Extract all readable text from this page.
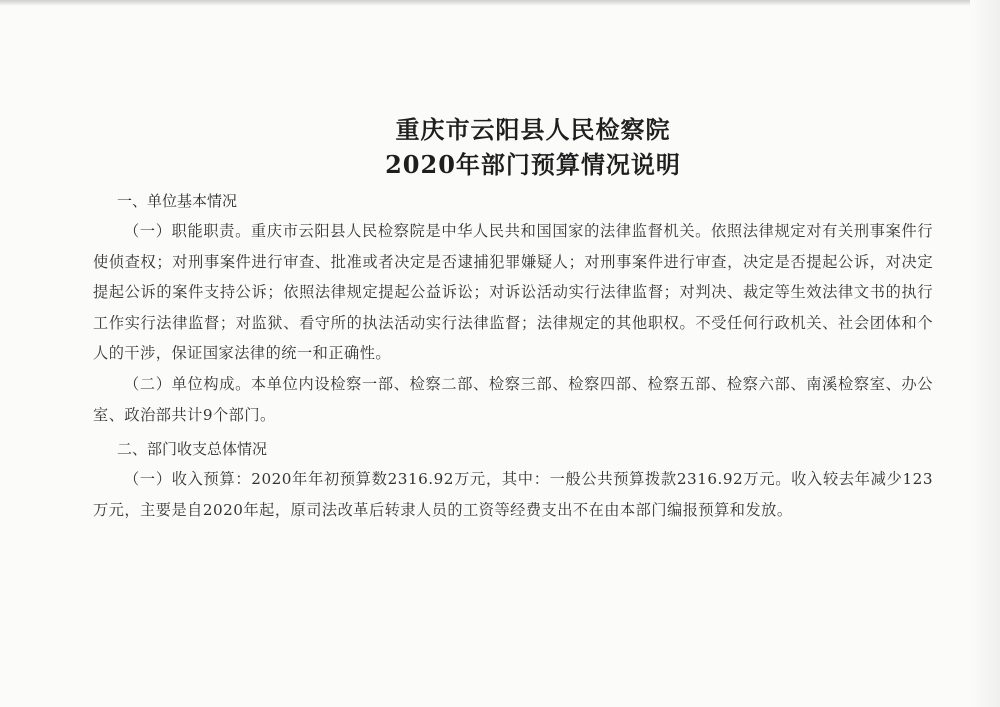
重庆市云阳县人民检察院
2020年部门预算情况说明
一、单位基本情况

（一）职能职责。重庆市云阳县人民检察院是中华人民共和国国家的法律监督机关。依照法律规定对有关刑事案件行使侦查权；对刑事案件进行审查、批准或者决定是否逮捕犯罪嫌疑人；对刑事案件进行审查，决定是否提起公诉，对决定提起公诉的案件支持公诉；依照法律规定提起公益诉讼；对诉讼活动实行法律监督；对判决、裁定等生效法律文书的执行工作实行法律监督；对监狱、看守所的执法活动实行法律监督；法律规定的其他职权。不受任何行政机关、社会团体和个人的干涉，保证国家法律的统一和正确性。

（二）单位构成。本单位内设检察一部、检察二部、检察三部、检察四部、检察五部、检察六部、南溪检察室、办公室、政治部共计9个部门。

二、部门收支总体情况

（一）收入预算：2020年年初预算数2316.92万元，其中：一般公共预算拨款2316.92万元。收入较去年减少123万元，主要是自2020年起，原司法改革后转隶人员的工资等经费支出不在由本部门编报预算和发放。
